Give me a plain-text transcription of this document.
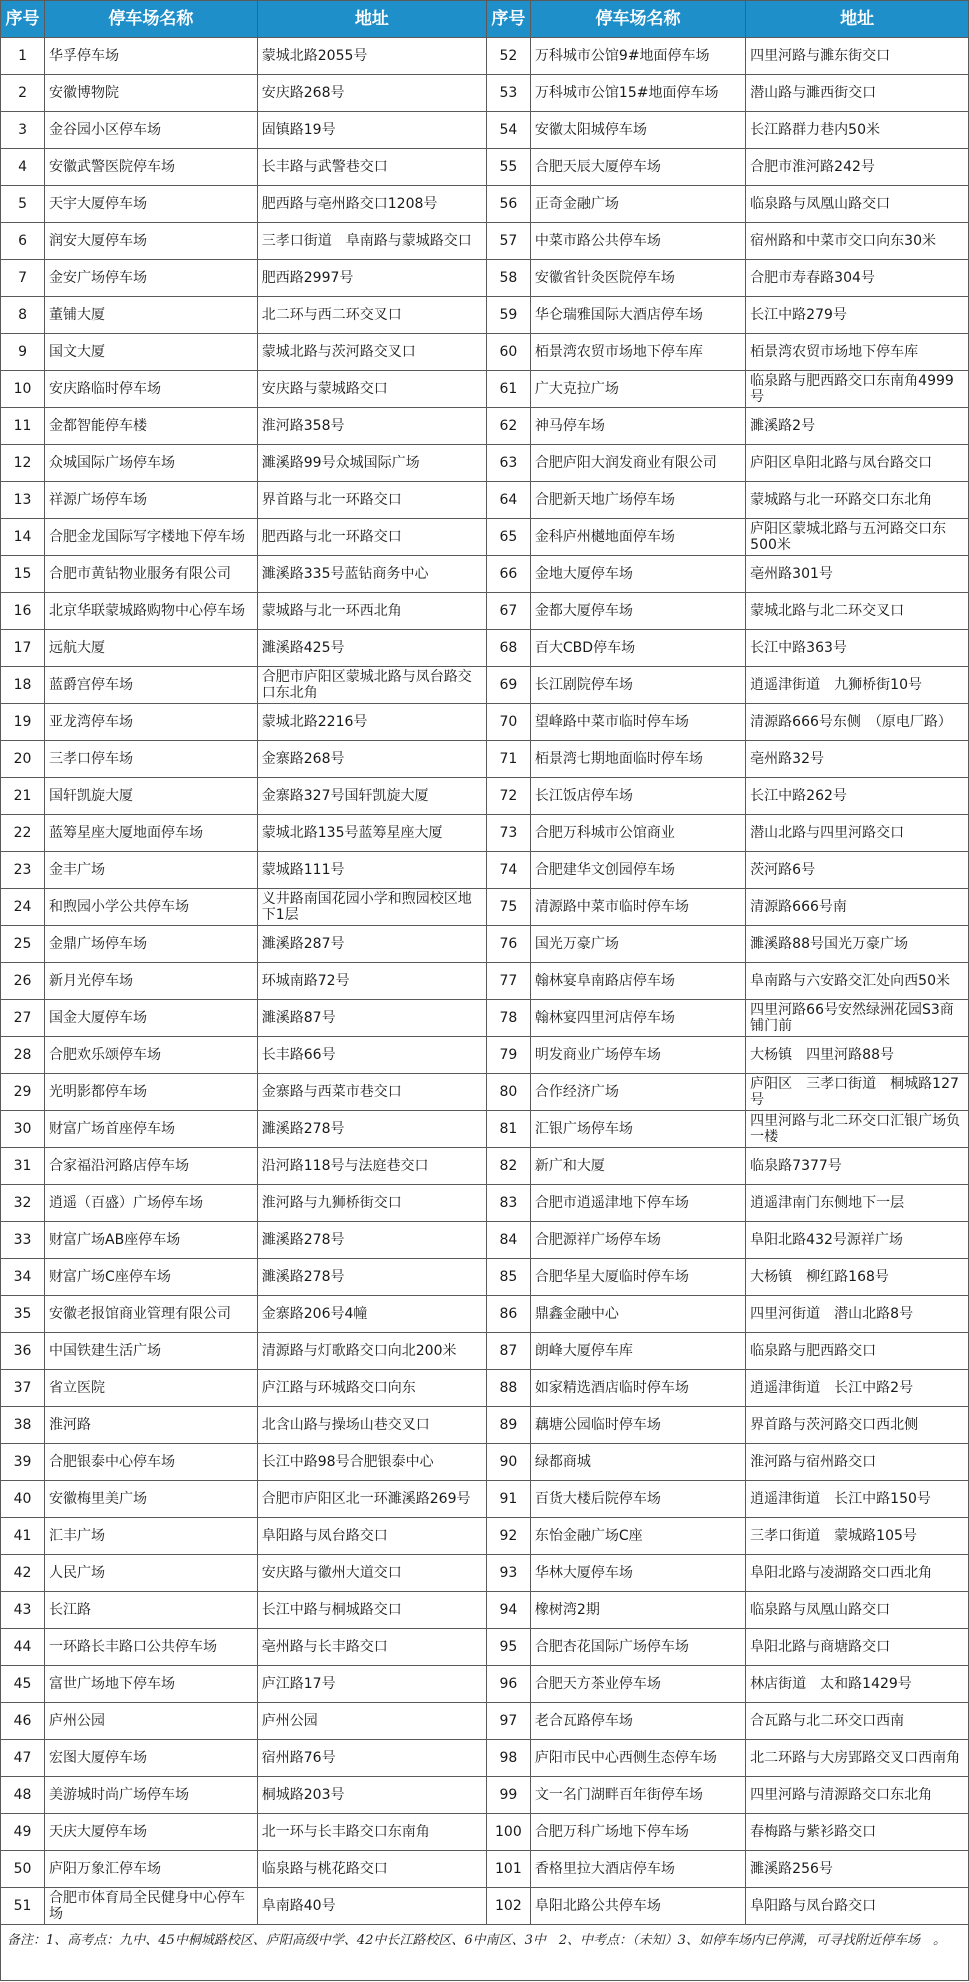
序号	停车场名称	地址	序号	停车场名称	地址
1	华孚停车场	蒙城北路2055号	52	万科城市公馆9#地面停车场	四里河路与濉东街交口
2	安徽博物院	安庆路268号	53	万科城市公馆15#地面停车场	潜山路与濉西街交口
3	金谷园小区停车场	固镇路19号	54	安徽太阳城停车场	长江路群力巷内50米
4	安徽武警医院停车场	长丰路与武警巷交口	55	合肥天辰大厦停车场	合肥市淮河路242号
5	天宇大厦停车场	肥西路与亳州路交口1208号	56	正奇金融广场	临泉路与凤凰山路交口
6	润安大厦停车场	三孝口街道　阜南路与蒙城路交口	57	中菜市路公共停车场	宿州路和中菜市交口向东30米
7	金安广场停车场	肥西路2997号	58	安徽省针灸医院停车场	合肥市寿春路304号
8	董铺大厦	北二环与西二环交叉口	59	华仑瑞雅国际大酒店停车场	长江中路279号
9	国文大厦	蒙城北路与茨河路交叉口	60	栢景湾农贸市场地下停车库	栢景湾农贸市场地下停车库
10	安庆路临时停车场	安庆路与蒙城路交口	61	广大克拉广场	临泉路与肥西路交口东南角4999号
11	金都智能停车楼	淮河路358号	62	神马停车场	濉溪路2号
12	众城国际广场停车场	濉溪路99号众城国际广场	63	合肥庐阳大润发商业有限公司	庐阳区阜阳北路与凤台路交口
13	祥源广场停车场	界首路与北一环路交口	64	合肥新天地广场停车场	蒙城路与北一环路交口东北角
14	合肥金龙国际写字楼地下停车场	肥西路与北一环路交口	65	金科庐州樾地面停车场	庐阳区蒙城北路与五河路交口东500米
15	合肥市黄钻物业服务有限公司	濉溪路335号蓝钻商务中心	66	金地大厦停车场	亳州路301号
16	北京华联蒙城路购物中心停车场	蒙城路与北一环西北角	67	金都大厦停车场	蒙城北路与北二环交叉口
17	远航大厦	濉溪路425号	68	百大CBD停车场	长江中路363号
18	蓝爵宫停车场	合肥市庐阳区蒙城北路与凤台路交口东北角	69	长江剧院停车场	逍遥津街道　九狮桥街10号
19	亚龙湾停车场	蒙城北路2216号	70	望峰路中菜市临时停车场	清源路666号东侧　（原电厂路）
20	三孝口停车场	金寨路268号	71	栢景湾七期地面临时停车场	亳州路32号
21	国轩凯旋大厦	金寨路327号国轩凯旋大厦	72	长江饭店停车场	长江中路262号
22	蓝筹星座大厦地面停车场	蒙城北路135号蓝筹星座大厦	73	合肥万科城市公馆商业	潜山北路与四里河路交口
23	金丰广场	蒙城路111号	74	合肥建华文创园停车场	茨河路6号
24	和煦园小学公共停车场	义井路南国花园小学和煦园校区地下1层	75	清源路中菜市临时停车场	清源路666号南
25	金鼎广场停车场	濉溪路287号	76	国光万豪广场	濉溪路88号国光万豪广场
26	新月光停车场	环城南路72号	77	翰林宴阜南路店停车场	阜南路与六安路交汇处向西50米
27	国金大厦停车场	濉溪路87号	78	翰林宴四里河店停车场	四里河路66号安然绿洲花园S3商铺门前
28	合肥欢乐颂停车场	长丰路66号	79	明发商业广场停车场	大杨镇　四里河路88号
29	光明影都停车场	金寨路与西菜市巷交口	80	合作经济广场	庐阳区　三孝口街道　桐城路127号
30	财富广场首座停车场	濉溪路278号	81	汇银广场停车场	四里河路与北二环交口汇银广场负一楼
31	合家福沿河路店停车场	沿河路118号与法庭巷交口	82	新广和大厦	临泉路7377号
32	逍遥（百盛）广场停车场	淮河路与九狮桥街交口	83	合肥市逍遥津地下停车场	逍遥津南门东侧地下一层
33	财富广场AB座停车场	濉溪路278号	84	合肥源祥广场停车场	阜阳北路432号源祥广场
34	财富广场C座停车场	濉溪路278号	85	合肥华星大厦临时停车场	大杨镇　柳红路168号
35	安徽老报馆商业管理有限公司	金寨路206号4幢	86	鼎鑫金融中心	四里河街道　潜山北路8号
36	中国铁建生活广场	清源路与灯歌路交口向北200米	87	朗峰大厦停车库	临泉路与肥西路交口
37	省立医院	庐江路与环城路交口向东	88	如家精选酒店临时停车场	逍遥津街道　长江中路2号
38	淮河路	北含山路与操场山巷交叉口	89	藕塘公园临时停车场	界首路与茨河路交口西北侧
39	合肥银泰中心停车场	长江中路98号合肥银泰中心	90	绿都商城	淮河路与宿州路交口
40	安徽梅里美广场	合肥市庐阳区北一环濉溪路269号	91	百货大楼后院停车场	逍遥津街道　长江中路150号
41	汇丰广场	阜阳路与凤台路交口	92	东怡金融广场C座	三孝口街道　蒙城路105号
42	人民广场	安庆路与徽州大道交口	93	华林大厦停车场	阜阳北路与凌湖路交口西北角
43	长江路	长江中路与桐城路交口	94	橡树湾2期	临泉路与凤凰山路交口
44	一环路长丰路口公共停车场	亳州路与长丰路交口	95	合肥杏花国际广场停车场	阜阳北路与商塘路交口
45	富世广场地下停车场	庐江路17号	96	合肥天方茶业停车场	林店街道　太和路1429号
46	庐州公园	庐州公园	97	老合瓦路停车场	合瓦路与北二环交口西南
47	宏图大厦停车场	宿州路76号	98	庐阳市民中心西侧生态停车场	北二环路与大房郢路交叉口西南角
48	美游城时尚广场停车场	桐城路203号	99	文一名门湖畔百年街停车场	四里河路与清源路交口东北角
49	天庆大厦停车场	北一环与长丰路交口东南角	100	合肥万科广场地下停车场	春梅路与紫衫路交口
50	庐阳万象汇停车场	临泉路与桃花路交口	101	香格里拉大酒店停车场	濉溪路256号
51	合肥市体育局全民健身中心停车场	阜南路40号	102	阜阳北路公共停车场	阜阳路与凤台路交口
备注：1、高考点：九中、45中桐城路校区、庐阳高级中学、42中长江路校区、6中南区、3中　2、中考点：（未知）3、如停车场内已停满，可寻找附近停车场　。
